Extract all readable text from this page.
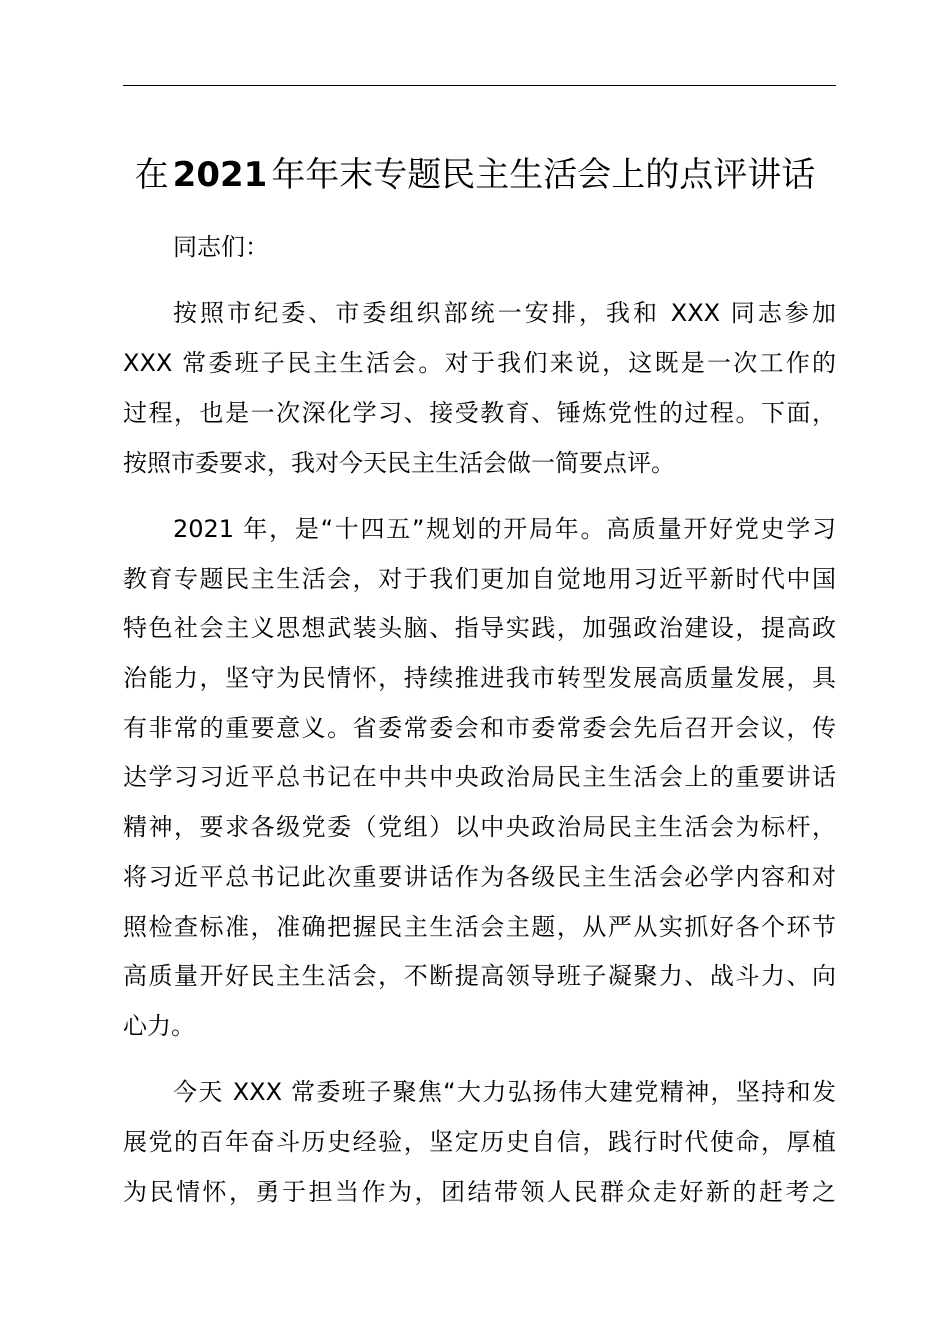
在 2021 年年末专题民主生活会上的点评讲话
同志们：
按照市纪委、市委组织部统一安排，我和 XXX 同志参加
XXX 常委班子民主生活会。对于我们来说，这既是一次工作的
过程，也是一次深化学习、接受教育、锤炼党性的过程。下面，
按照市委要求，我对今天民主生活会做一简要点评。
2021 年，是“十四五”规划的开局年。高质量开好党史学习
教育专题民主生活会，对于我们更加自觉地用习近平新时代中国
特色社会主义思想武装头脑、指导实践，加强政治建设，提高政
治能力，坚守为民情怀，持续推进我市转型发展高质量发展，具
有非常的重要意义。省委常委会和市委常委会先后召开会议，传
达学习习近平总书记在中共中央政治局民主生活会上的重要讲话
精神，要求各级党委（党组）以中央政治局民主生活会为标杆，
将习近平总书记此次重要讲话作为各级民主生活会必学内容和对
照检查标准，准确把握民主生活会主题，从严从实抓好各个环节
高质量开好民主生活会，不断提高领导班子凝聚力、战斗力、向
心力。
今天 XXX 常委班子聚焦“大力弘扬伟大建党精神，坚持和发
展党的百年奋斗历史经验，坚定历史自信，践行时代使命，厚植
为民情怀，勇于担当作为，团结带领人民群众走好新的赶考之
